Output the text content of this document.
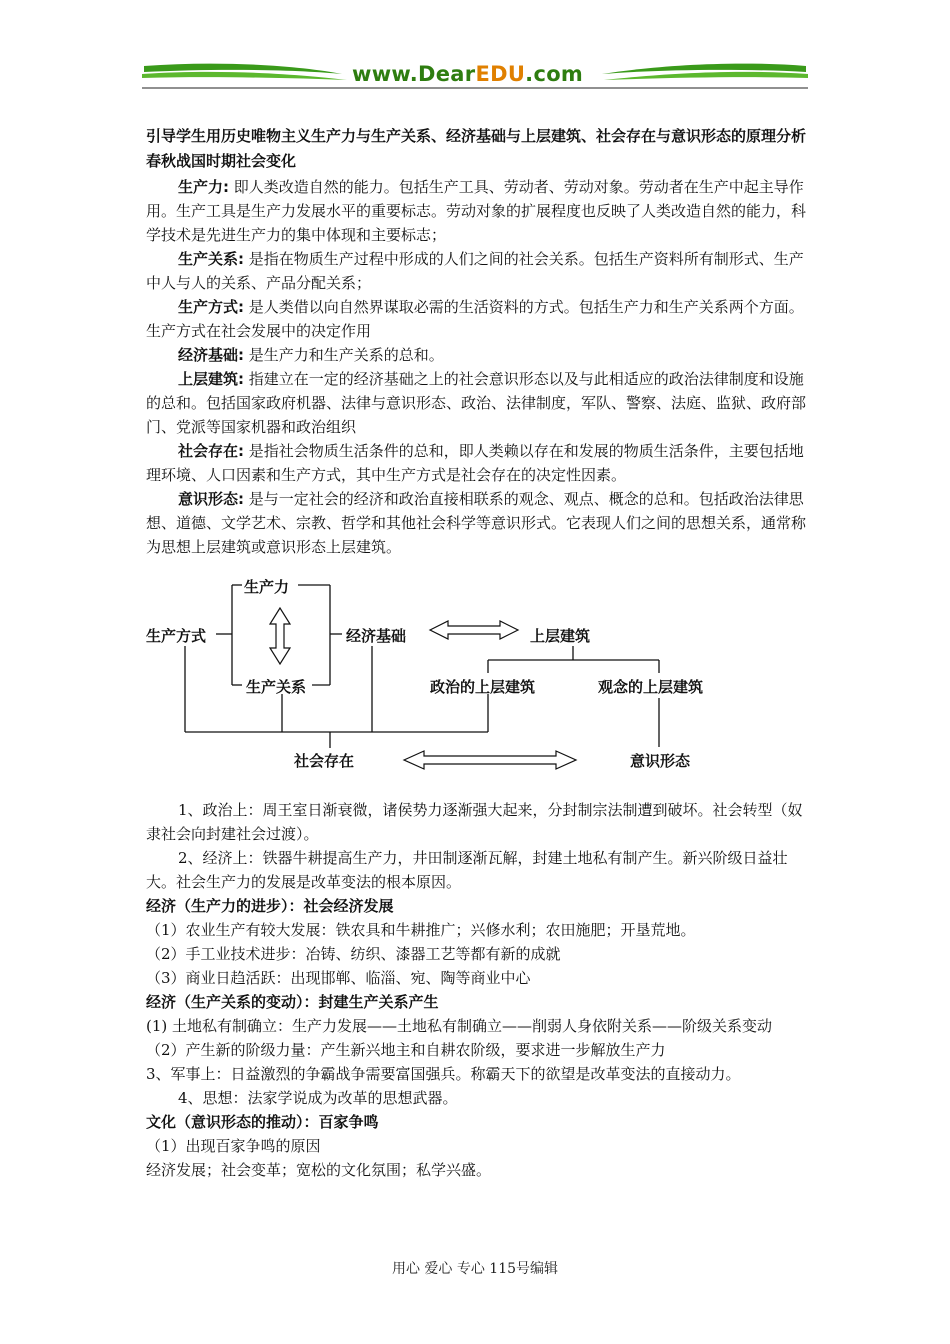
www.DearEDU.com
引导学生用历史唯物主义生产力与生产关系、经济基础与上层建筑、社会存在与意识形态的原理分析春秋战国时期社会变化

生产力: 即人类改造自然的能力。包括生产工具、劳动者、劳动对象。劳动者在生产中起主导作用。生产工具是生产力发展水平的重要标志。劳动对象的扩展程度也反映了人类改造自然的能力，科学技术是先进生产力的集中体现和主要标志；

生产关系: 是指在物质生产过程中形成的人们之间的社会关系。包括生产资料所有制形式、生产中人与人的关系、产品分配关系；

生产方式: 是人类借以向自然界谋取必需的生活资料的方式。包括生产力和生产关系两个方面。生产方式在社会发展中的决定作用

经济基础: 是生产力和生产关系的总和。

上层建筑: 指建立在一定的经济基础之上的社会意识形态以及与此相适应的政治法律制度和设施的总和。包括国家政府机器、法律与意识形态、政治、法律制度，军队、警察、法庭、监狱、政府部门、党派等国家机器和政治组织

社会存在: 是指社会物质生活条件的总和，即人类赖以存在和发展的物质生活条件，主要包括地理环境、人口因素和生产方式，其中生产方式是社会存在的决定性因素。

意识形态: 是与一定社会的经济和政治直接相联系的观念、观点、概念的总和。包括政治法律思想、道德、文学艺术、宗教、哲学和其他社会科学等意识形式。它表现人们之间的思想关系，通常称为思想上层建筑或意识形态上层建筑。

生产力
生产方式	经济基础	上层建筑
生产关系	政治的上层建筑	观念的上层建筑
社会存在	意识形态

1、政治上：周王室日渐衰微，诸侯势力逐渐强大起来，分封制宗法制遭到破坏。社会转型（奴隶社会向封建社会过渡）。

2、经济上：铁器牛耕提高生产力，井田制逐渐瓦解，封建土地私有制产生。新兴阶级日益壮大。社会生产力的发展是改革变法的根本原因。

经济（生产力的进步）：社会经济发展

（1）农业生产有较大发展：铁农具和牛耕推广；兴修水利；农田施肥；开垦荒地。

（2）手工业技术进步：冶铸、纺织、漆器工艺等都有新的成就

（3）商业日趋活跃：出现邯郸、临淄、宛、陶等商业中心

经济（生产关系的变动）：封建生产关系产生

(1) 土地私有制确立：生产力发展——土地私有制确立——削弱人身依附关系——阶级关系变动

（2）产生新的阶级力量：产生新兴地主和自耕农阶级，要求进一步解放生产力

3、军事上：日益激烈的争霸战争需要富国强兵。称霸天下的欲望是改革变法的直接动力。

4、思想：法家学说成为改革的思想武器。

文化（意识形态的推动）：百家争鸣

（1）出现百家争鸣的原因

经济发展；社会变革；宽松的文化氛围；私学兴盛。

用心 爱心 专心 115号编辑
